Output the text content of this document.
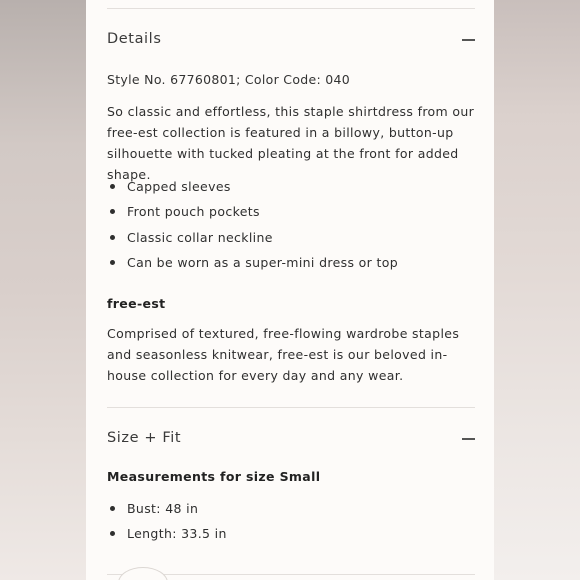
Details
Style No. 67760801; Color Code: 040

So classic and effortless, this staple shirtdress from our free-est collection is featured in a billowy, button-up silhouette with tucked pleating at the front for added shape.

Capped sleeves
Front pouch pockets
Classic collar neckline
Can be worn as a super-mini dress or top
free-est

Comprised of textured, free-flowing wardrobe staples and seasonless knitwear, free-est is our beloved in-house collection for every day and any wear.

Size + Fit
Measurements for size Small
Bust: 48 in
Length: 33.5 in
